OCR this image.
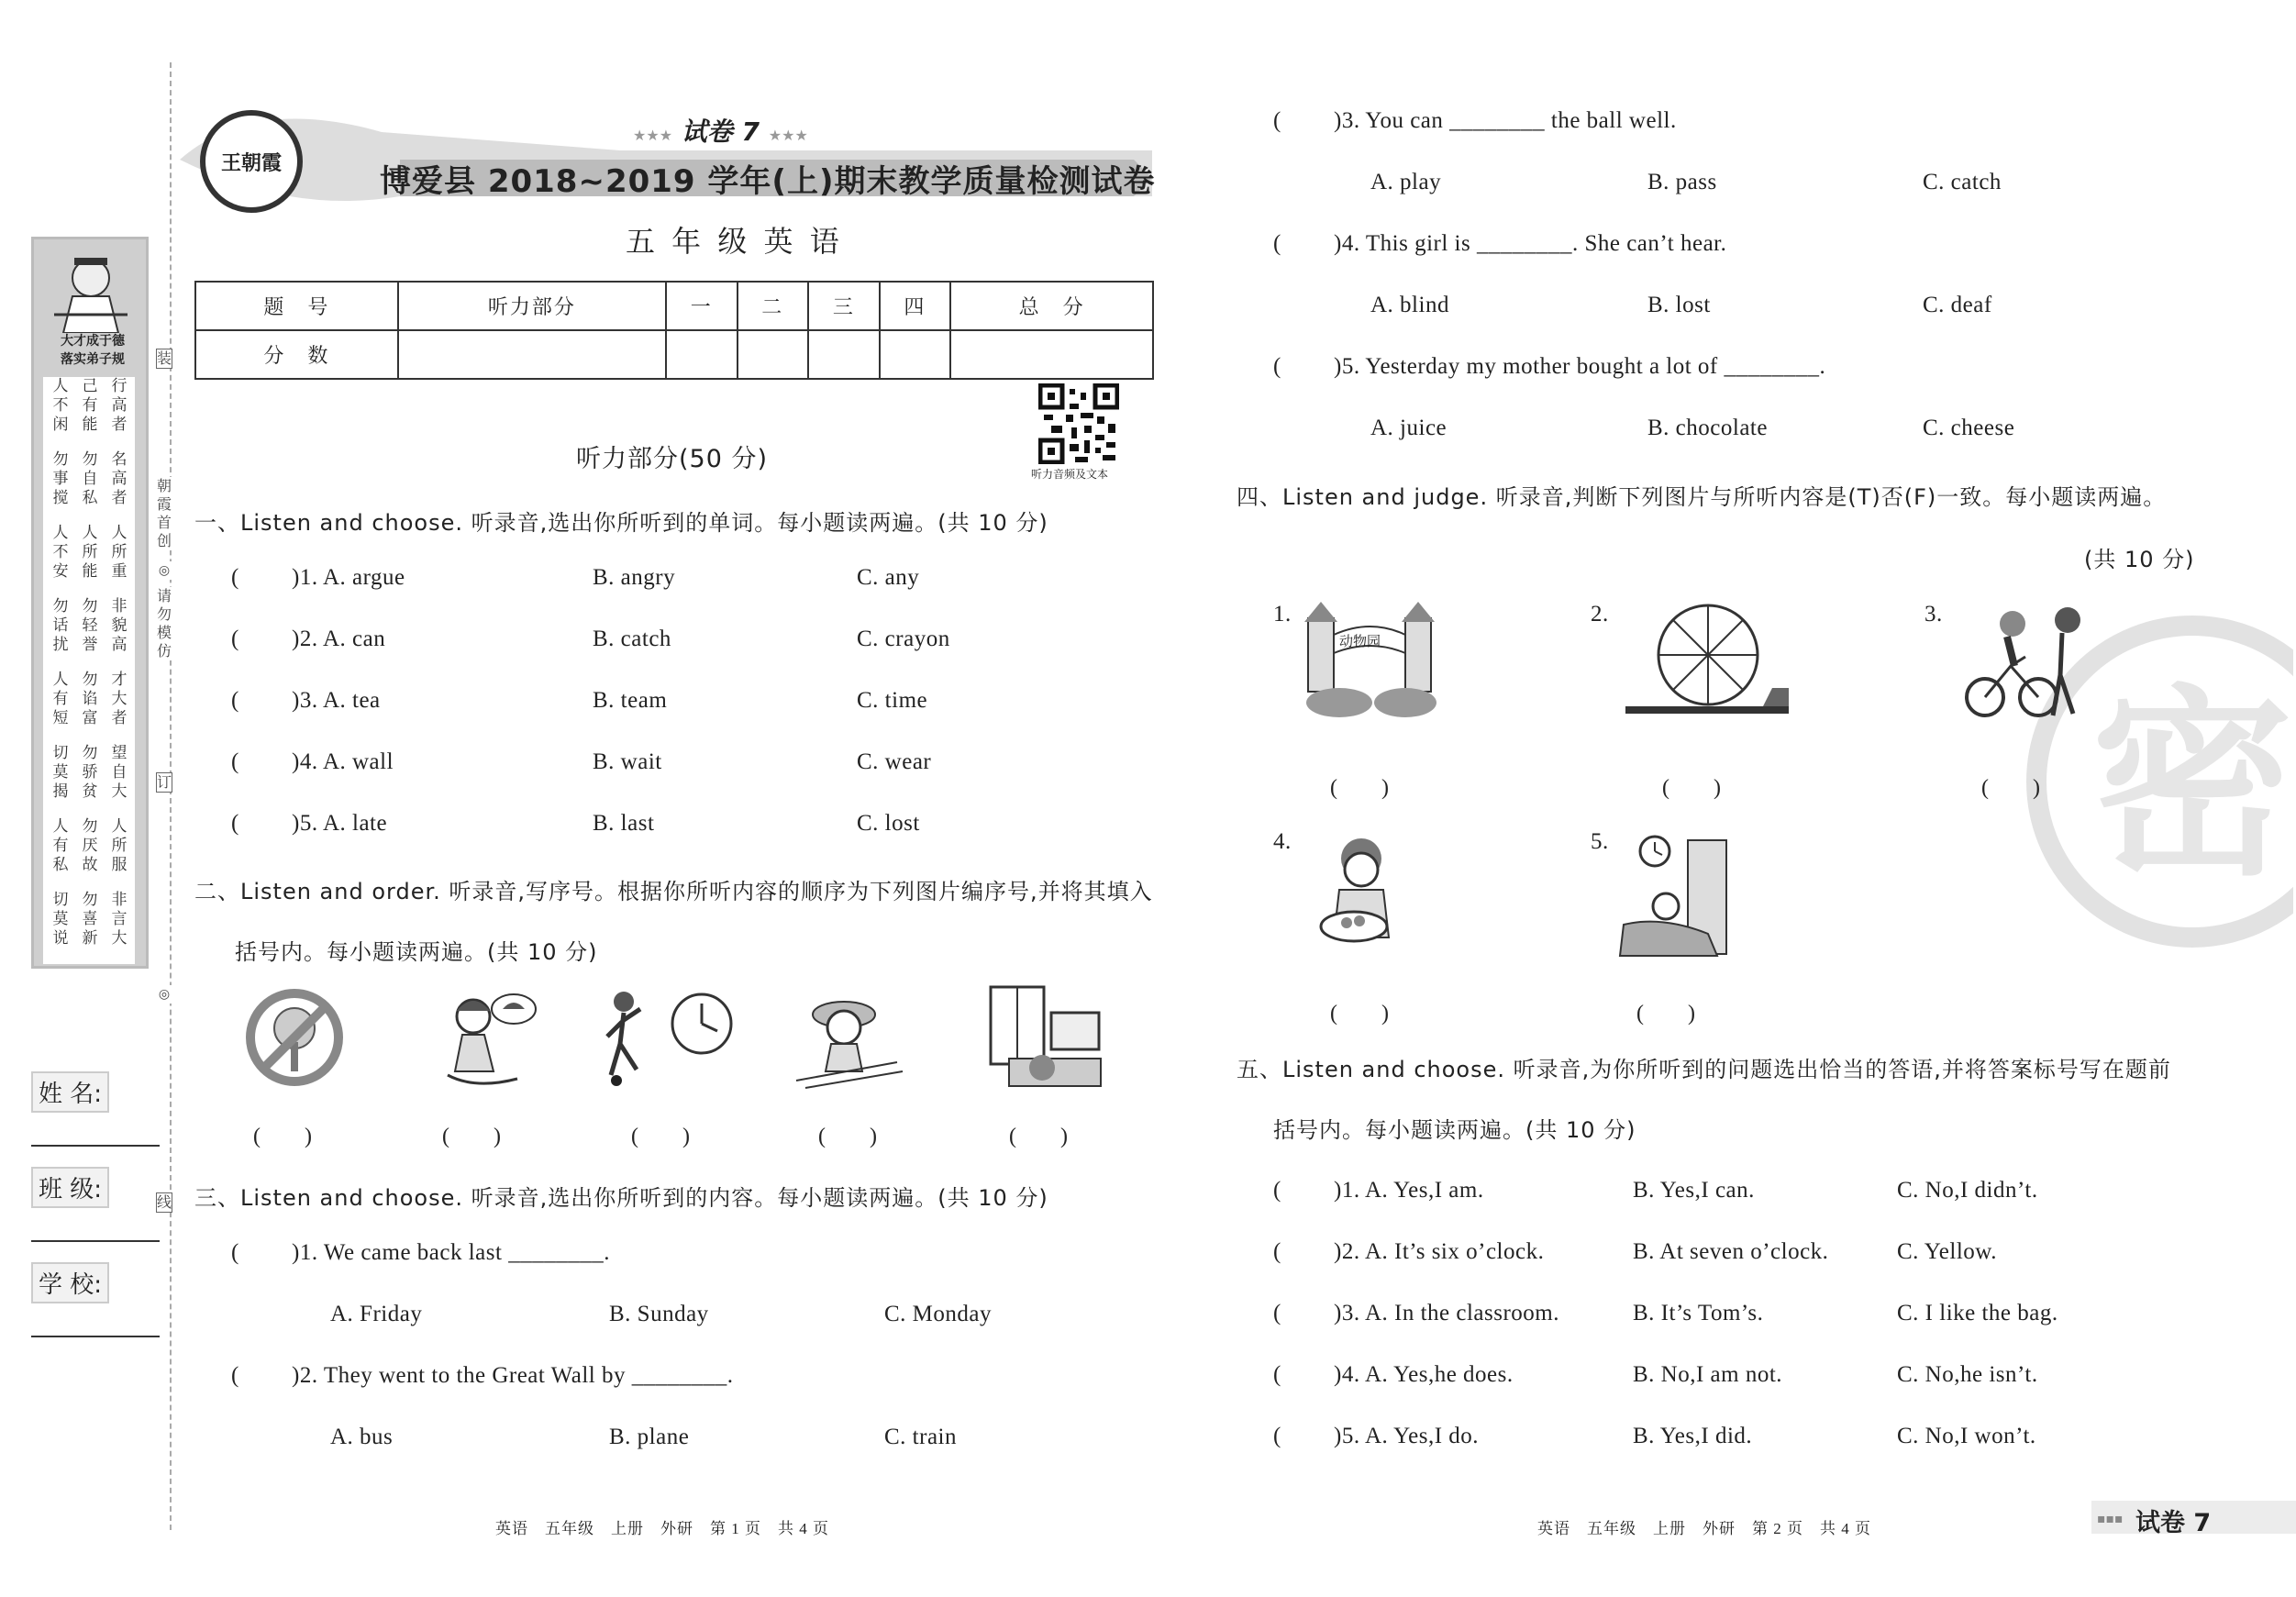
大才成于德
落实弟子规
人不闲
己有能
行高者
勿事搅
勿自私
名高者
人不安
人所能
人所重
勿话扰
勿轻誉
非貌高
人有短
勿谄富
才大者
切莫揭
勿骄贫
望自大
人有私
勿厌故
人所服
切莫说
勿喜新
非言大
姓 名:
班 级:
学 校:
装
朝霞首创
◎
请勿模仿
订
◎
线
王朝霞
★★★ 试卷 7 ★★★
博爱县 2018~2019 学年(上)期末教学质量检测试卷
五 年 级 英 语
题　号	听力部分	一	二	三	四	总　分
分　数						
听力音频及文本
听力部分(50 分)
一、Listen and choose. 听录音,选出你所听到的单词。每小题读两遍。(共 10 分)
( )1. A. argue	B. angry	C. any
( )2. A. can	B. catch	C. crayon
( )3. A. tea	B. team	C. time
( )4. A. wall	B. wait	C. wear
( )5. A. late	B. last	C. lost
二、Listen and order. 听录音,写序号。根据你所听内容的顺序为下列图片编序号,并将其填入
括号内。每小题读两遍。(共 10 分)
(　　)	(　　)	(　　)	(　　)	(　　)
三、Listen and choose. 听录音,选出你所听到的内容。每小题读两遍。(共 10 分)
( )1. We came back last ________.
A. Friday	B. Sunday	C. Monday
( )2. They went to the Great Wall by ________.
A. bus	B. plane	C. train
英语　五年级　上册　外研　第 1 页　共 4 页
( )3. You can ________ the ball well.
A. play	B. pass	C. catch
( )4. This girl is ________. She can’t hear.
A. blind	B. lost	C. deaf
( )5. Yesterday my mother bought a lot of ________.
A. juice	B. chocolate	C. cheese
密
四、Listen and judge. 听录音,判断下列图片与所听内容是(T)否(F)一致。每小题读两遍。
(共 10 分)
1.	2.	3.
4.	5.
动物园
(　　)	(　　)	(　　)
(　　)	(　　)
五、Listen and choose. 听录音,为你所听到的问题选出恰当的答语,并将答案标号写在题前
括号内。每小题读两遍。(共 10 分)
( )1. A. Yes,I am.	B. Yes,I can.	C. No,I didn’t.
( )2. A. It’s six o’clock.	B. At seven o’clock.	C. Yellow.
( )3. A. In the classroom.	B. It’s Tom’s.	C. I like the bag.
( )4. A. Yes,he does.	B. No,I am not.	C. No,he isn’t.
( )5. A. Yes,I do.	B. Yes,I did.	C. No,I won’t.
英语　五年级　上册　外研　第 2 页　共 4 页
▪▪▪ 试卷 7
